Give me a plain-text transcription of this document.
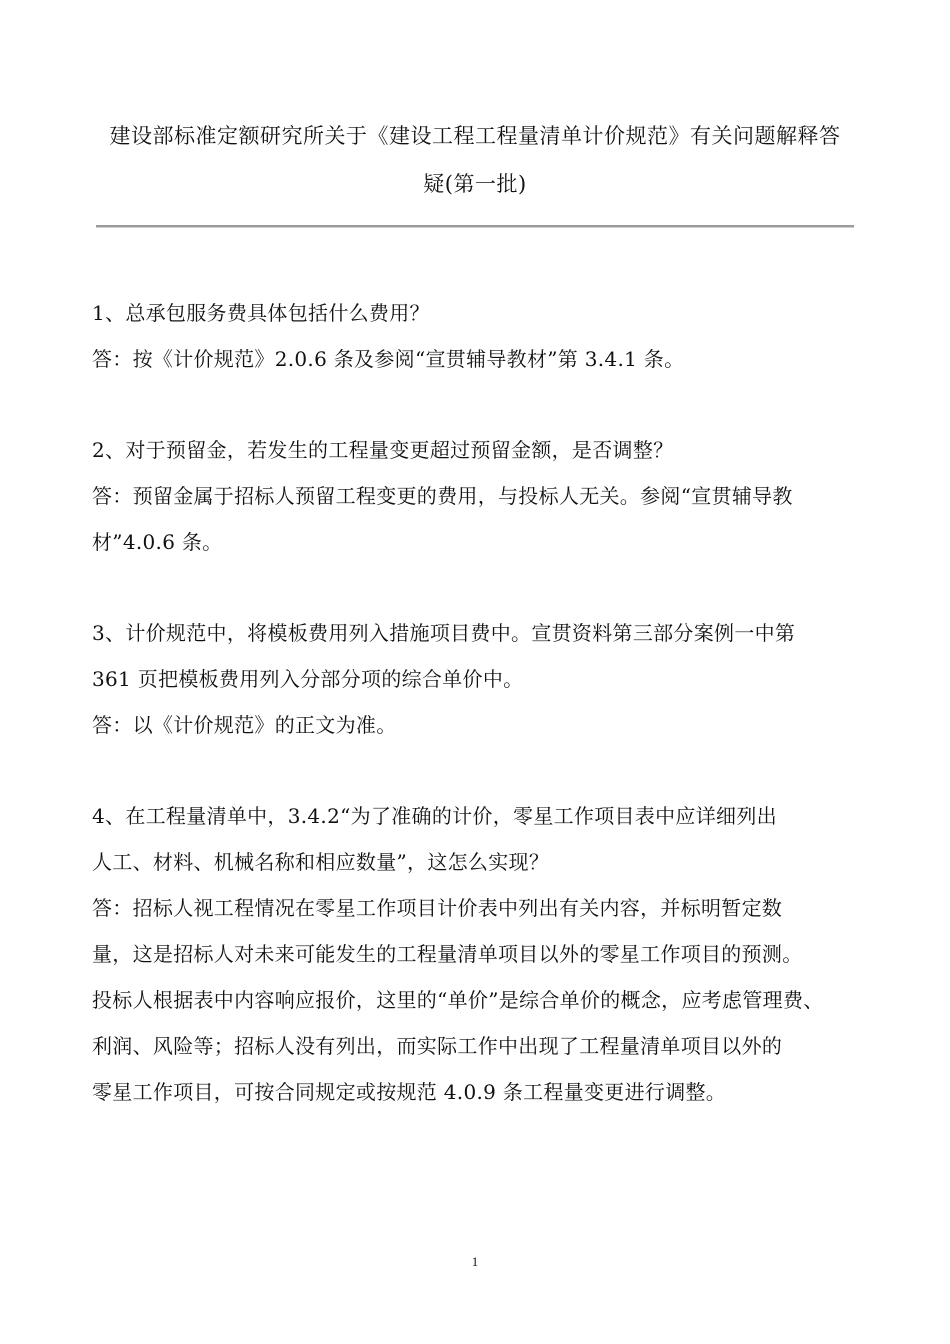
建设部标准定额研究所关于《建设工程工程量清单计价规范》有关问题解释答
疑(第一批)

1、总承包服务费具体包括什么费用？

答：按《计价规范》2.0.6 条及参阅“宣贯辅导教材”第 3.4.1 条。

2、对于预留金，若发生的工程量变更超过预留金额，是否调整？

答：预留金属于招标人预留工程变更的费用，与投标人无关。参阅“宣贯辅导教

材”4.0.6 条。

3、计价规范中，将模板费用列入措施项目费中。宣贯资料第三部分案例一中第

361 页把模板费用列入分部分项的综合单价中。

答：以《计价规范》的正文为准。

4、在工程量清单中，3.4.2“为了准确的计价，零星工作项目表中应详细列出

人工、材料、机械名称和相应数量”，这怎么实现？

答：招标人视工程情况在零星工作项目计价表中列出有关内容，并标明暂定数

量，这是招标人对未来可能发生的工程量清单项目以外的零星工作项目的预测。

投标人根据表中内容响应报价，这里的“单价”是综合单价的概念，应考虑管理费、

利润、风险等；招标人没有列出，而实际工作中出现了工程量清单项目以外的

零星工作项目，可按合同规定或按规范 4.0.9 条工程量变更进行调整。

1
